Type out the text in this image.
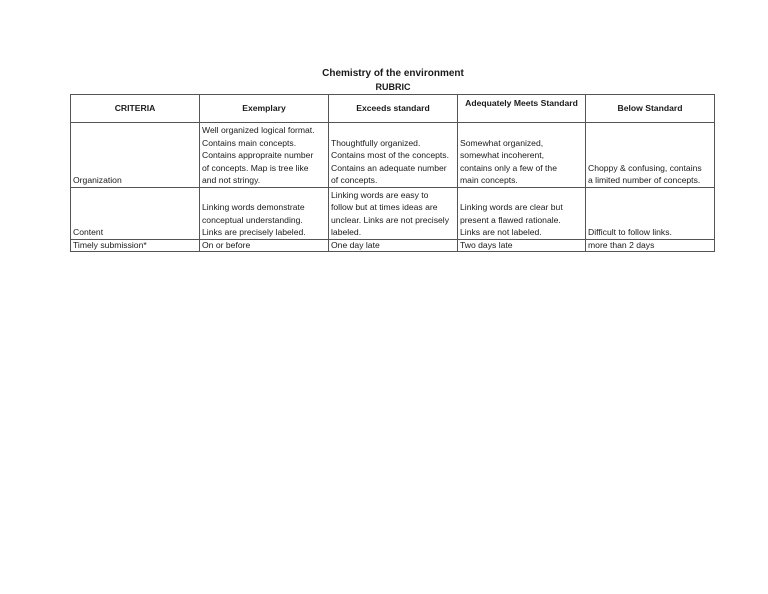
Chemistry of the environment
RUBRIC
CRITERIA	Exemplary	Exceeds standard	Adequately Meets Standard	Below Standard

Organization	Well organized logical format.
Contains main concepts.
Contains appropraite number
of concepts. Map is tree like
and not stringy.	Thoughtfully organized.
Contains most of the concepts.
Contains an adequate number
of concepts.	Somewhat organized,
somewhat incoherent,
contains only a few of the
main concepts.	Choppy & confusing, contains
a limited number of concepts.

Content	Linking words demonstrate
conceptual understanding.
Links are precisely labeled.	Linking words are easy to
follow but at times ideas are
unclear. Links are not precisely
labeled.	Linking words are clear but
present a flawed rationale.
Links are not labeled.	Difficult to follow links.

Timely submission*	On or before	One day late	Two days late	more than 2 days
